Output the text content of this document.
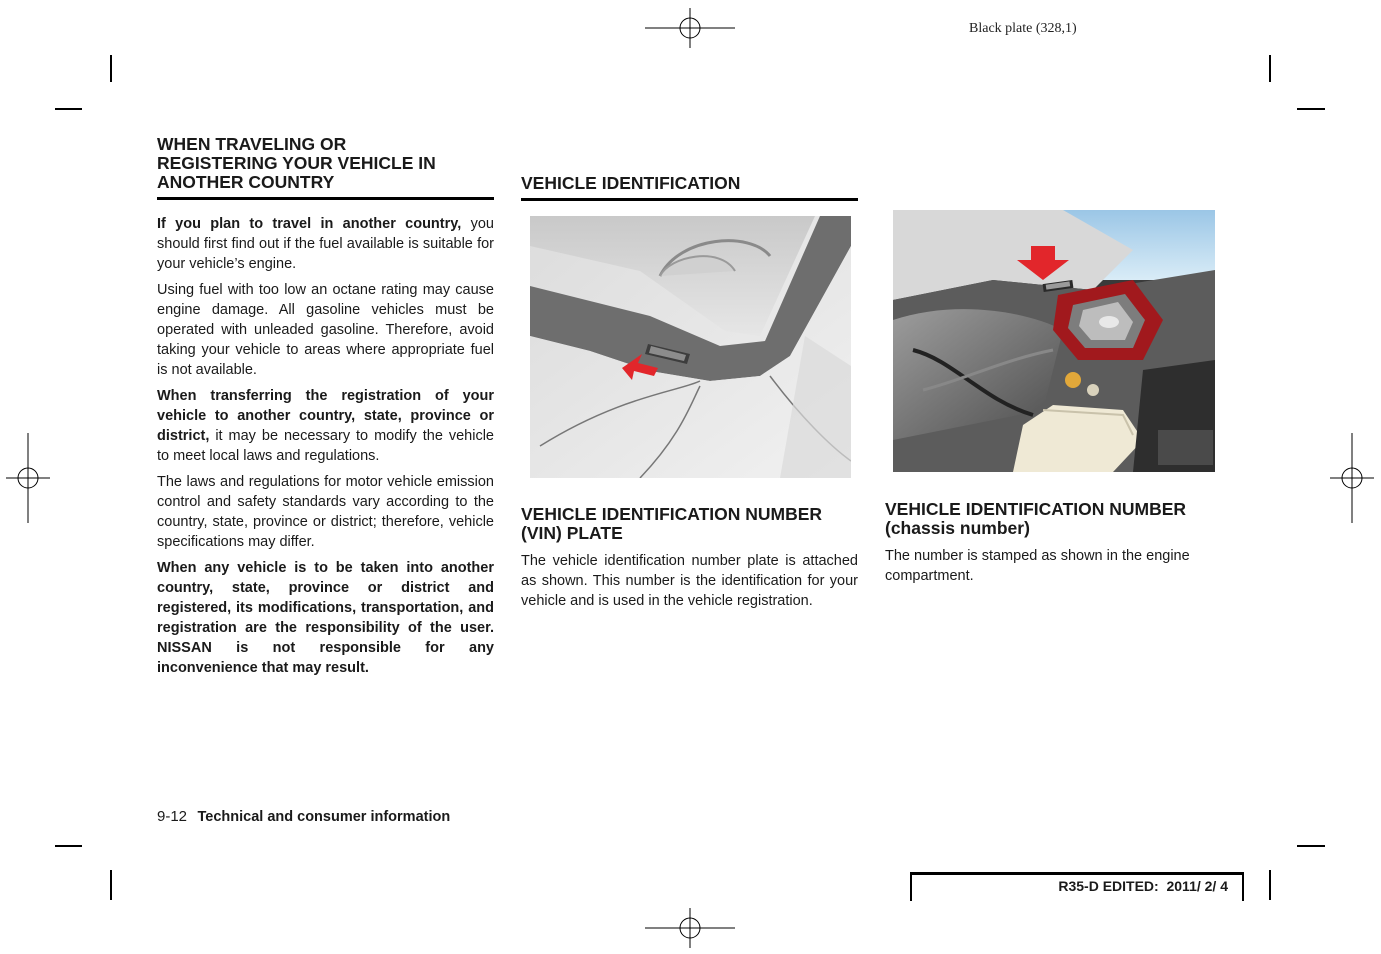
Black plate (328,1)
WHEN TRAVELING OR
REGISTERING YOUR VEHICLE IN
ANOTHER COUNTRY

If you plan to travel in another country, you should first find out if the fuel available is suitable for your vehicle’s engine.

Using fuel with too low an octane rating may cause engine damage. All gasoline vehicles must be operated with unleaded gasoline. Therefore, avoid taking your vehicle to areas where appropriate fuel is not available.

When transferring the registration of your vehicle to another country, state, province or district, it may be necessary to modify the vehicle to meet local laws and regulations.

The laws and regulations for motor vehicle emission control and safety standards vary according to the country, state, province or district; therefore, vehicle specifications may differ.

When any vehicle is to be taken into another country, state, province or district and registered, its modifications, transportation, and registration are the responsibility of the user. NISSAN is not responsible for any inconvenience that may result.

VEHICLE IDENTIFICATION
VEHICLE IDENTIFICATION NUMBER
(VIN) PLATE
The vehicle identification number plate is attached as shown. This number is the identification for your vehicle and is used in the vehicle registration.
VEHICLE IDENTIFICATION NUMBER
(chassis number)
The number is stamped as shown in the engine compartment.
9-12 Technical and consumer information
R35-D EDITED:  2011/ 2/ 4
